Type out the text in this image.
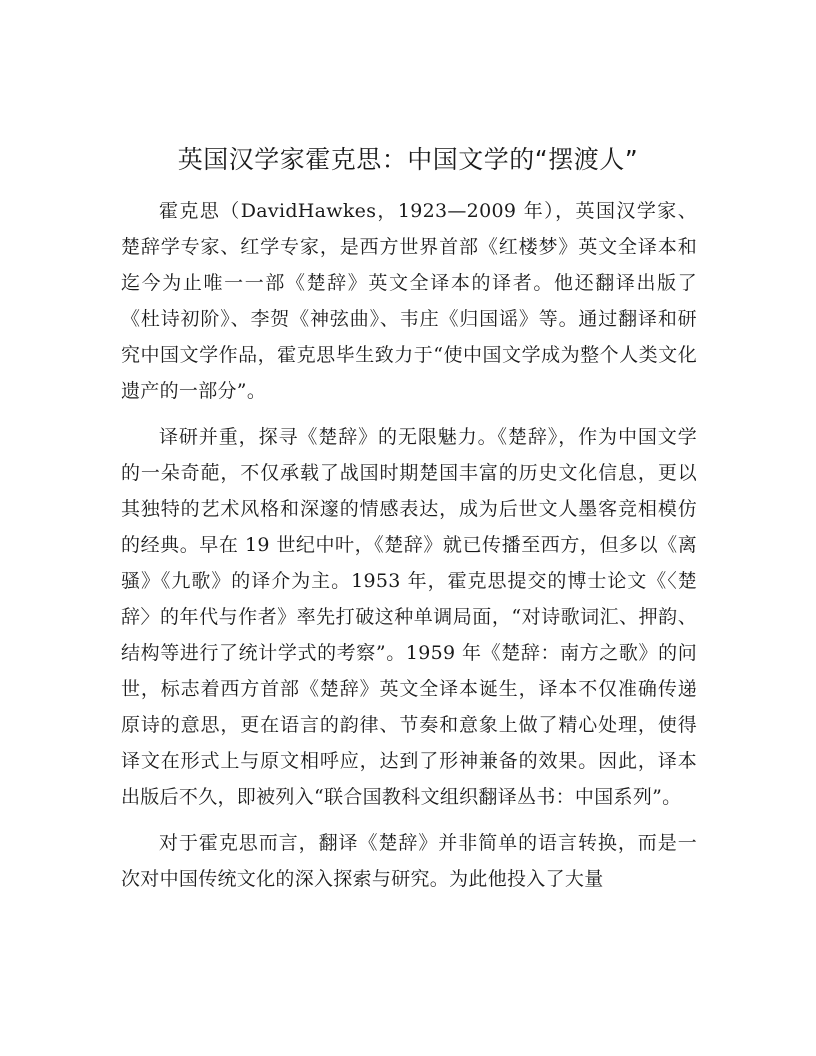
英国汉学家霍克思：中国文学的“摆渡人”

霍克思（DavidHawkes，1923—2009 年），英国汉学家、楚辞学专家、红学专家，是西方世界首部《红楼梦》英文全译本和迄今为止唯一一部《楚辞》英文全译本的译者。他还翻译出版了《杜诗初阶》、李贺《神弦曲》、韦庄《归国谣》等。通过翻译和研究中国文学作品，霍克思毕生致力于“使中国文学成为整个人类文化遗产的一部分”。

译研并重，探寻《楚辞》的无限魅力。《楚辞》，作为中国文学的一朵奇葩，不仅承载了战国时期楚国丰富的历史文化信息，更以其独特的艺术风格和深邃的情感表达，成为后世文人墨客竞相模仿的经典。早在 19 世纪中叶，《楚辞》就已传播至西方，但多以《离骚》《九歌》的译介为主。1953 年，霍克思提交的博士论文《〈楚辞〉的年代与作者》率先打破这种单调局面，“对诗歌词汇、押韵、结构等进行了统计学式的考察”。1959 年《楚辞：南方之歌》的问世，标志着西方首部《楚辞》英文全译本诞生，译本不仅准确传递原诗的意思，更在语言的韵律、节奏和意象上做了精心处理，使得译文在形式上与原文相呼应，达到了形神兼备的效果。因此，译本出版后不久，即被列入“联合国教科文组织翻译丛书：中国系列”。

对于霍克思而言，翻译《楚辞》并非简单的语言转换，而是一次对中国传统文化的深入探索与研究。为此他投入了大量
